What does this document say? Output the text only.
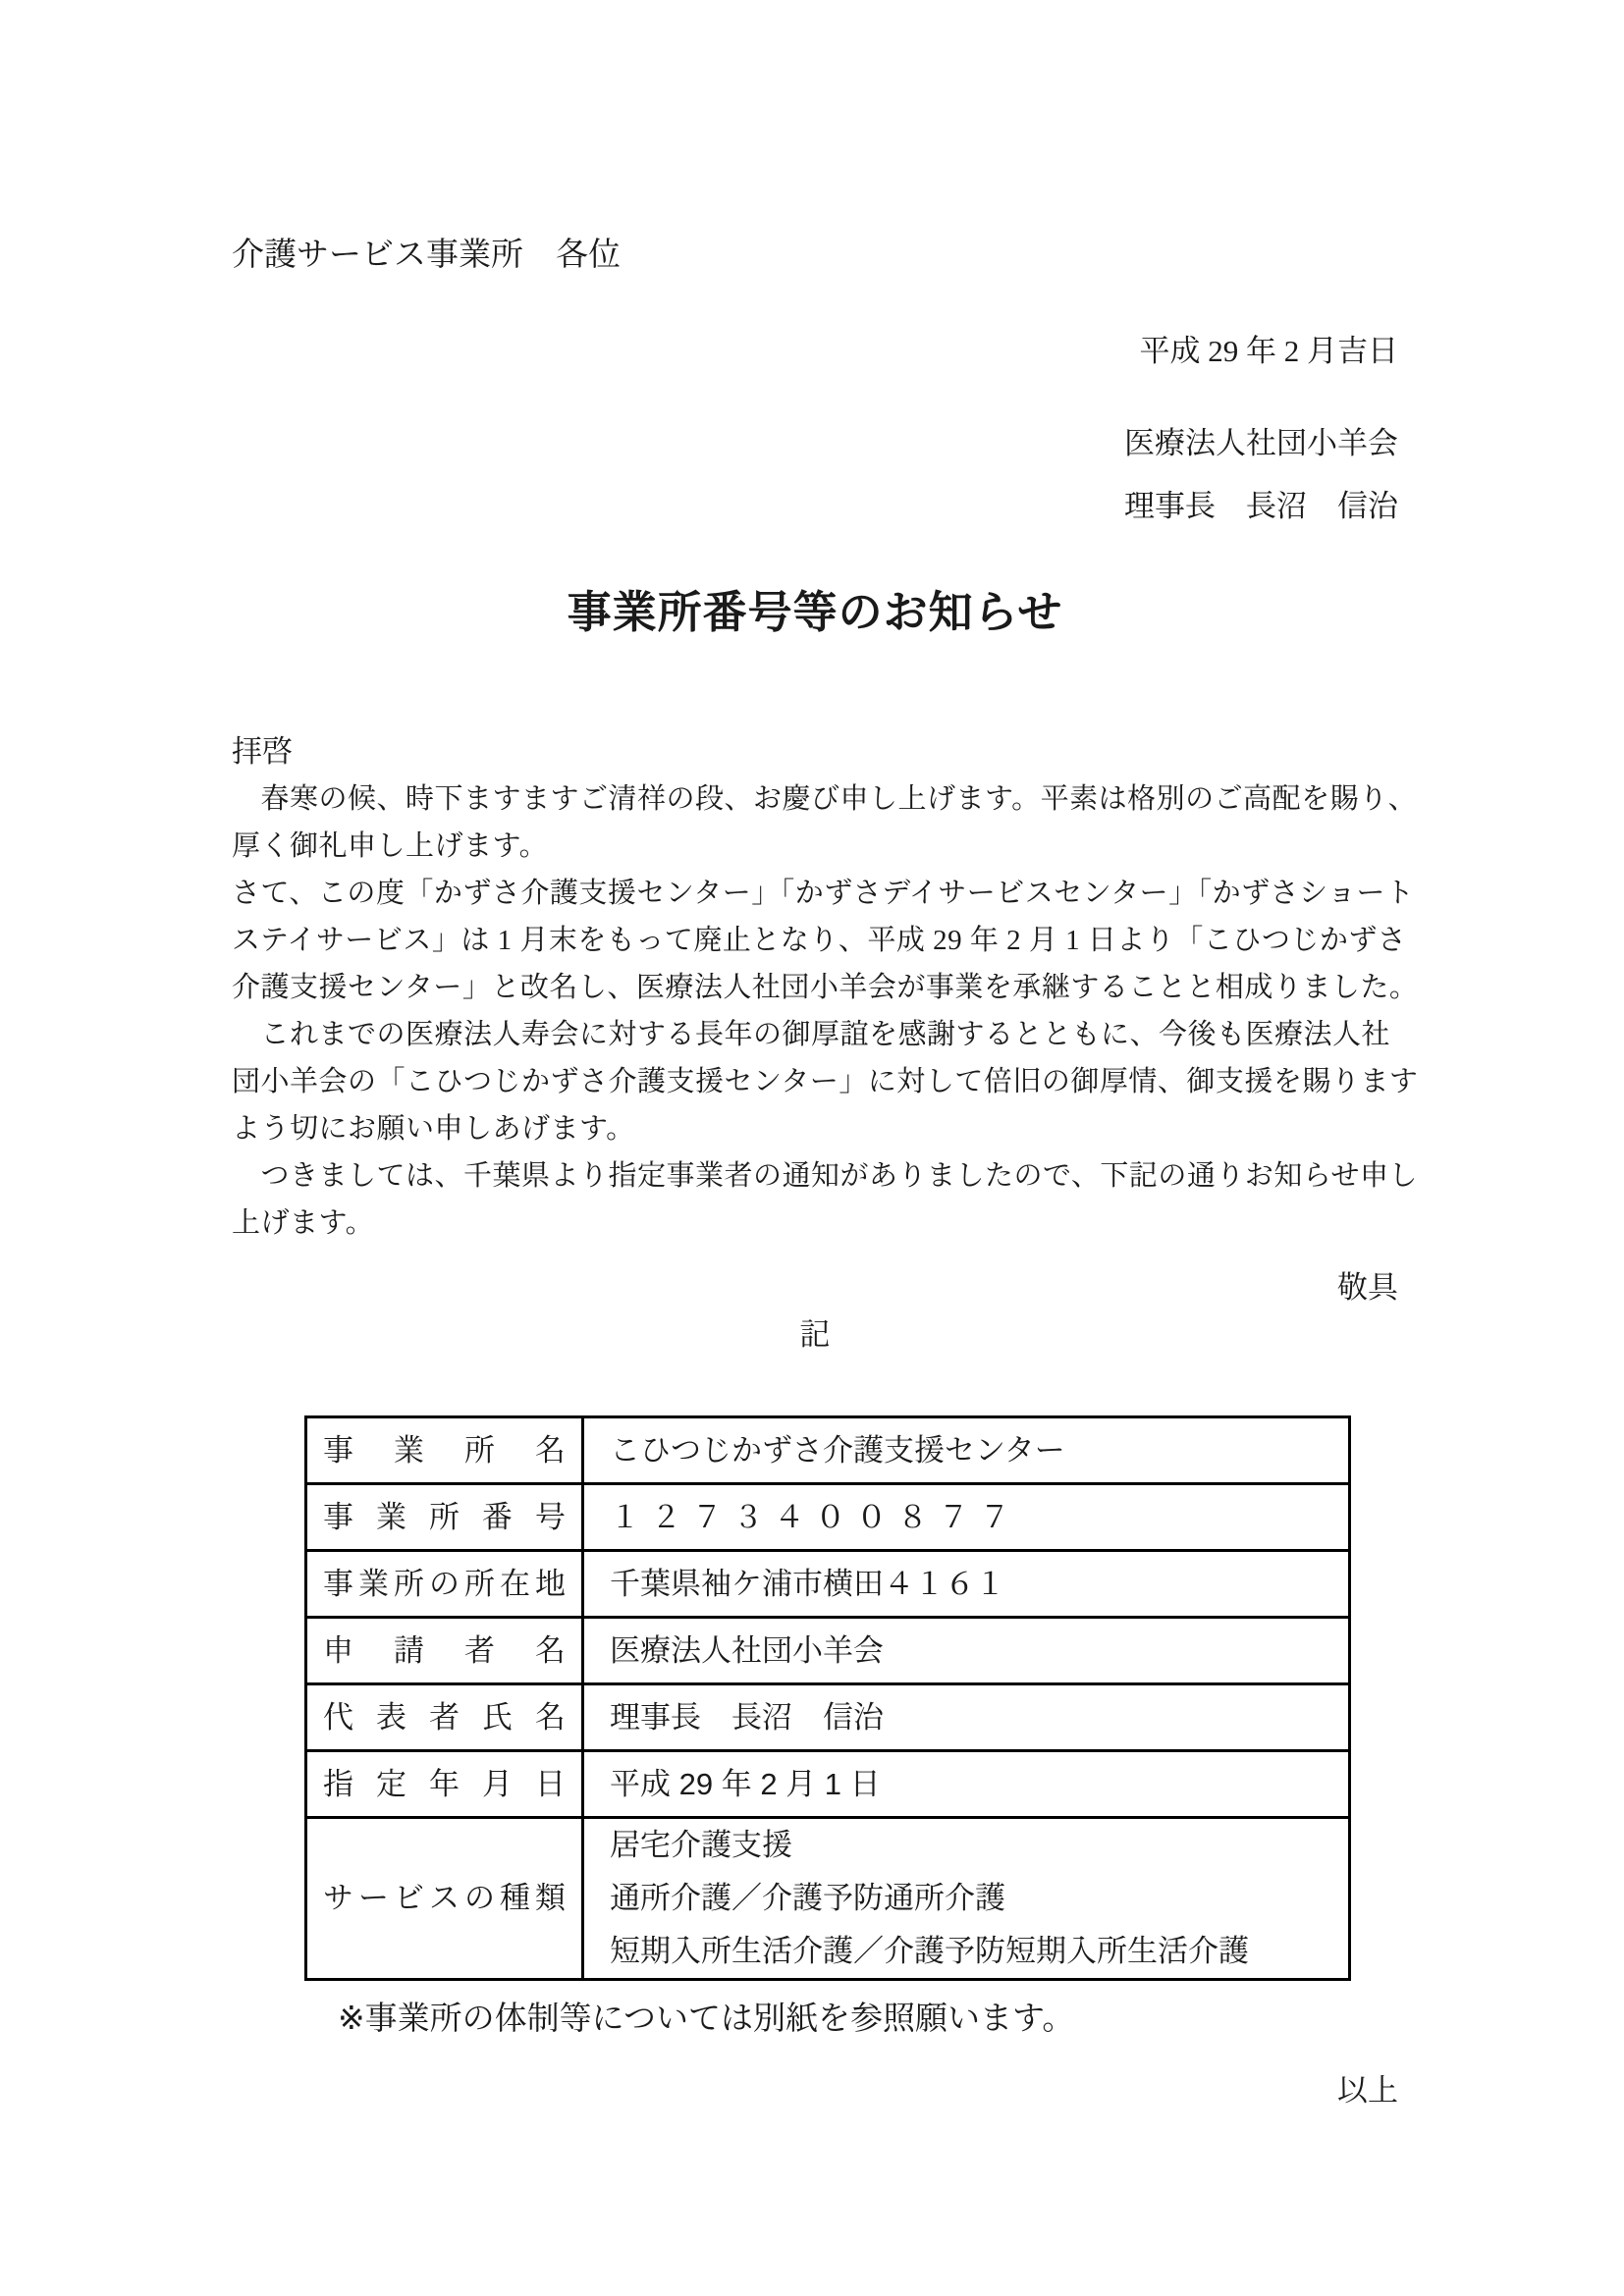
介護サービス事業所　各位
平成 29 年 2 月吉日
医療法人社団小羊会
理事長　長沼　信治
事業所番号等のお知らせ
拝啓
　春寒の候、時下ますますご清祥の段、お慶び申し上げます。平素は格別のご高配を賜り、
厚く御礼申し上げます。
さて、この度「かずさ介護支援センター」「かずさデイサービスセンター」「かずさショート
ステイサービス」は 1 月末をもって廃止となり、平成 29 年 2 月 1 日より「こひつじかずさ
介護支援センター」と改名し、医療法人社団小羊会が事業を承継することと相成りました。
　これまでの医療法人寿会に対する長年の御厚誼を感謝するとともに、今後も医療法人社
団小羊会の「こひつじかずさ介護支援センター」に対して倍旧の御厚情、御支援を賜ります
よう切にお願い申しあげます。
　つきましては、千葉県より指定事業者の通知がありましたので、下記の通りお知らせ申し
上げます。
敬具
記
事業所名	こひつじかずさ介護支援センター
事業所番号	１２７３４００８７７
事業所の所在地	千葉県袖ケ浦市横田４１６１
申請者名	医療法人社団小羊会
代表者氏名	理事長　長沼　信治
指定年月日	平成 29 年 2 月 1 日
サービスの種類	居宅介護支援
通所介護／介護予防通所介護
短期入所生活介護／介護予防短期入所生活介護
※事業所の体制等については別紙を参照願います。
以上
